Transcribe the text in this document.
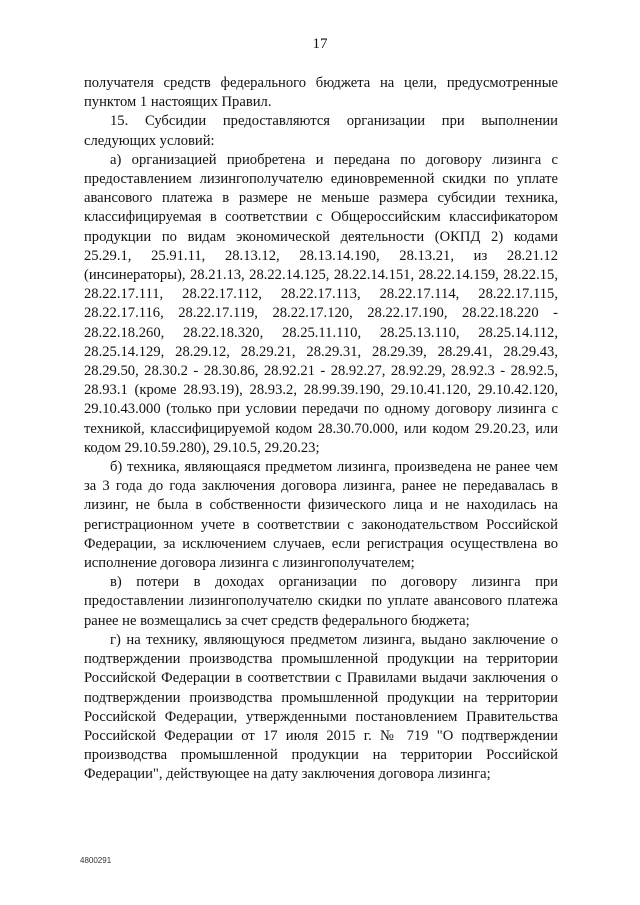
17

получателя средств федерального бюджета на цели, предусмотренные пунктом 1 настоящих Правил.

15. Субсидии предоставляются организации при выполнении следующих условий:

а) организацией приобретена и передана по договору лизинга с предоставлением лизингополучателю единовременной скидки по уплате авансового платежа в размере не меньше размера субсидии техника, классифицируемая в соответствии с Общероссийским классификатором продукции по видам экономической деятельности (ОКПД 2) кодами 25.29.1, 25.91.11, 28.13.12, 28.13.14.190, 28.13.21, из 28.21.12 (инсинераторы), 28.21.13, 28.22.14.125, 28.22.14.151, 28.22.14.159, 28.22.15, 28.22.17.111, 28.22.17.112, 28.22.17.113, 28.22.17.114, 28.22.17.115, 28.22.17.116, 28.22.17.119, 28.22.17.120, 28.22.17.190, 28.22.18.220 - 28.22.18.260, 28.22.18.320, 28.25.11.110, 28.25.13.110, 28.25.14.112, 28.25.14.129, 28.29.12, 28.29.21, 28.29.31, 28.29.39, 28.29.41, 28.29.43, 28.29.50, 28.30.2 - 28.30.86, 28.92.21 - 28.92.27, 28.92.29, 28.92.3 - 28.92.5, 28.93.1 (кроме 28.93.19), 28.93.2, 28.99.39.190, 29.10.41.120, 29.10.42.120, 29.10.43.000 (только при условии передачи по одному договору лизинга с техникой, классифицируемой кодом 28.30.70.000, или кодом 29.20.23, или кодом 29.10.59.280), 29.10.5, 29.20.23;

б) техника, являющаяся предметом лизинга, произведена не ранее чем за 3 года до года заключения договора лизинга, ранее не передавалась в лизинг, не была в собственности физического лица и не находилась на регистрационном учете в соответствии с законодательством Российской Федерации, за исключением случаев, если регистрация осуществлена во исполнение договора лизинга с лизингополучателем;

в) потери в доходах организации по договору лизинга при предоставлении лизингополучателю скидки по уплате авансового платежа ранее не возмещались за счет средств федерального бюджета;

г) на технику, являющуюся предметом лизинга, выдано заключение о подтверждении производства промышленной продукции на территории Российской Федерации в соответствии с Правилами выдачи заключения о подтверждении производства промышленной продукции на территории Российской Федерации, утвержденными постановлением Правительства Российской Федерации от 17 июля 2015 г. № 719 "О подтверждении производства промышленной продукции на территории Российской Федерации", действующее на дату заключения договора лизинга;

4800291
